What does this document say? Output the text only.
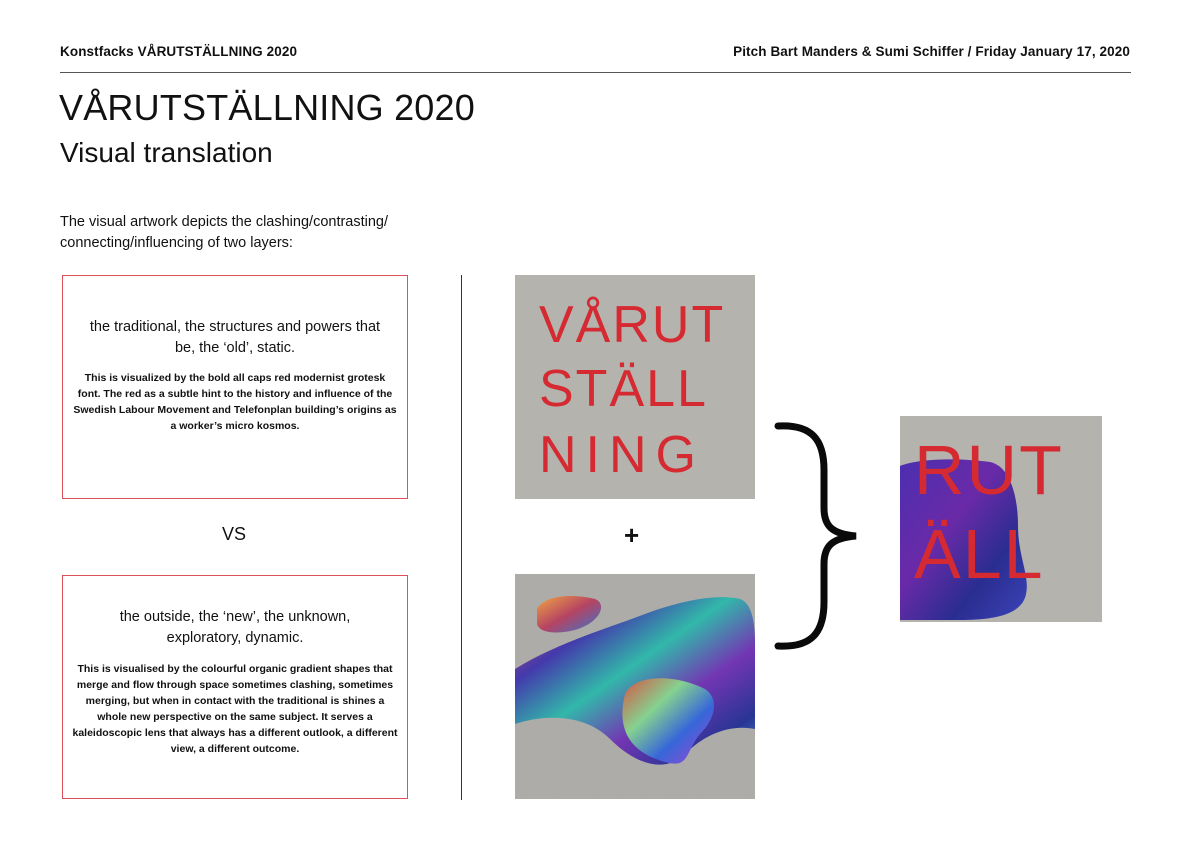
Konstfacks VÅRUTSTÄLLNING 2020	Pitch Bart Manders & Sumi Schiffer / Friday January 17, 2020
VÅRUTSTÄLLNING 2020
Visual translation
The visual artwork depicts the clashing/contrasting/ connecting/influencing of two layers:
the traditional, the structures and powers that be, the ‘old’, static.
This is visualized by the bold all caps red modernist grotesk font. The red as a subtle hint to the history and influence of the Swedish Labour Movement and Telefonplan building’s origins as a worker’s micro kosmos.
VS
the outside, the ‘new’, the unknown, exploratory, dynamic.
This is visualised by the colourful organic gradient shapes that merge and flow through space sometimes clashing, sometimes merging, but when in contact with the traditional is shines a whole new perspective on the same subject. It serves a kaleidoscopic lens that always has a different outlook, a different view, a different outcome.
VÅRUT
STÄLL
NING
+
RUT
ÄLL
